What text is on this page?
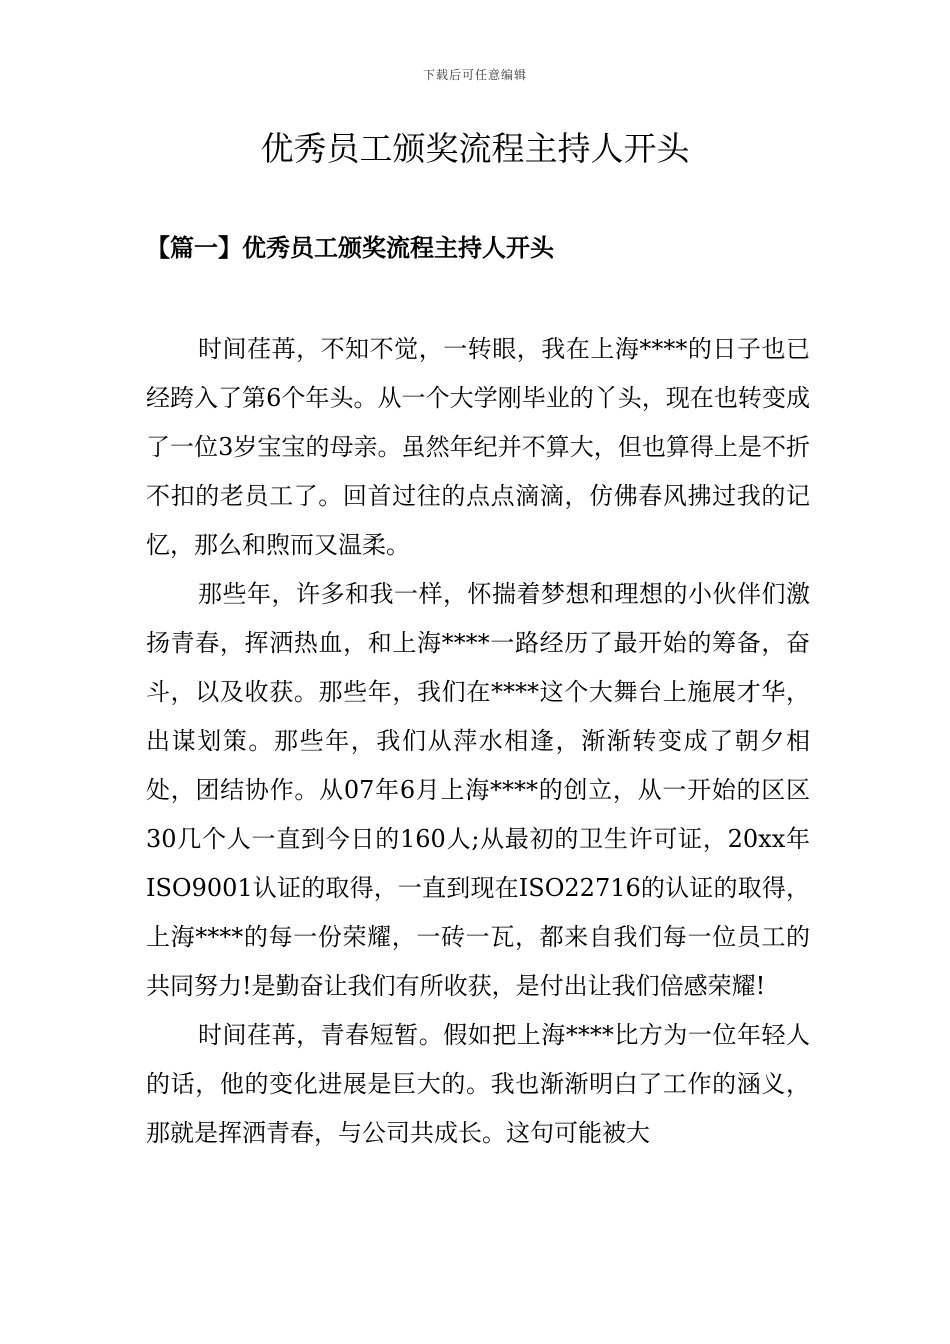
下载后可任意编辑
优秀员工颁奖流程主持人开头
【篇一】优秀员工颁奖流程主持人开头

时间荏苒，不知不觉，一转眼，我在上海****的日子也已经跨入了第6个年头。从一个大学刚毕业的丫头，现在也转变成了一位3岁宝宝的母亲。虽然年纪并不算大，但也算得上是不折不扣的老员工了。回首过往的点点滴滴，仿佛春风拂过我的记忆，那么和煦而又温柔。

那些年，许多和我一样，怀揣着梦想和理想的小伙伴们激扬青春，挥洒热血，和上海****一路经历了最开始的筹备，奋斗，以及收获。那些年，我们在****这个大舞台上施展才华，出谋划策。那些年，我们从萍水相逢，渐渐转变成了朝夕相处，团结协作。从07年6月上海****的创立，从一开始的区区30几个人一直到今日的160人;从最初的卫生许可证，20xx年ISO9001认证的取得，一直到现在ISO22716的认证的取得，上海****的每一份荣耀，一砖一瓦，都来自我们每一位员工的共同努力!是勤奋让我们有所收获，是付出让我们倍感荣耀!

时间荏苒，青春短暂。假如把上海****比方为一位年轻人的话，他的变化进展是巨大的。我也渐渐明白了工作的涵义，那就是挥洒青春，与公司共成长。这句可能被大
